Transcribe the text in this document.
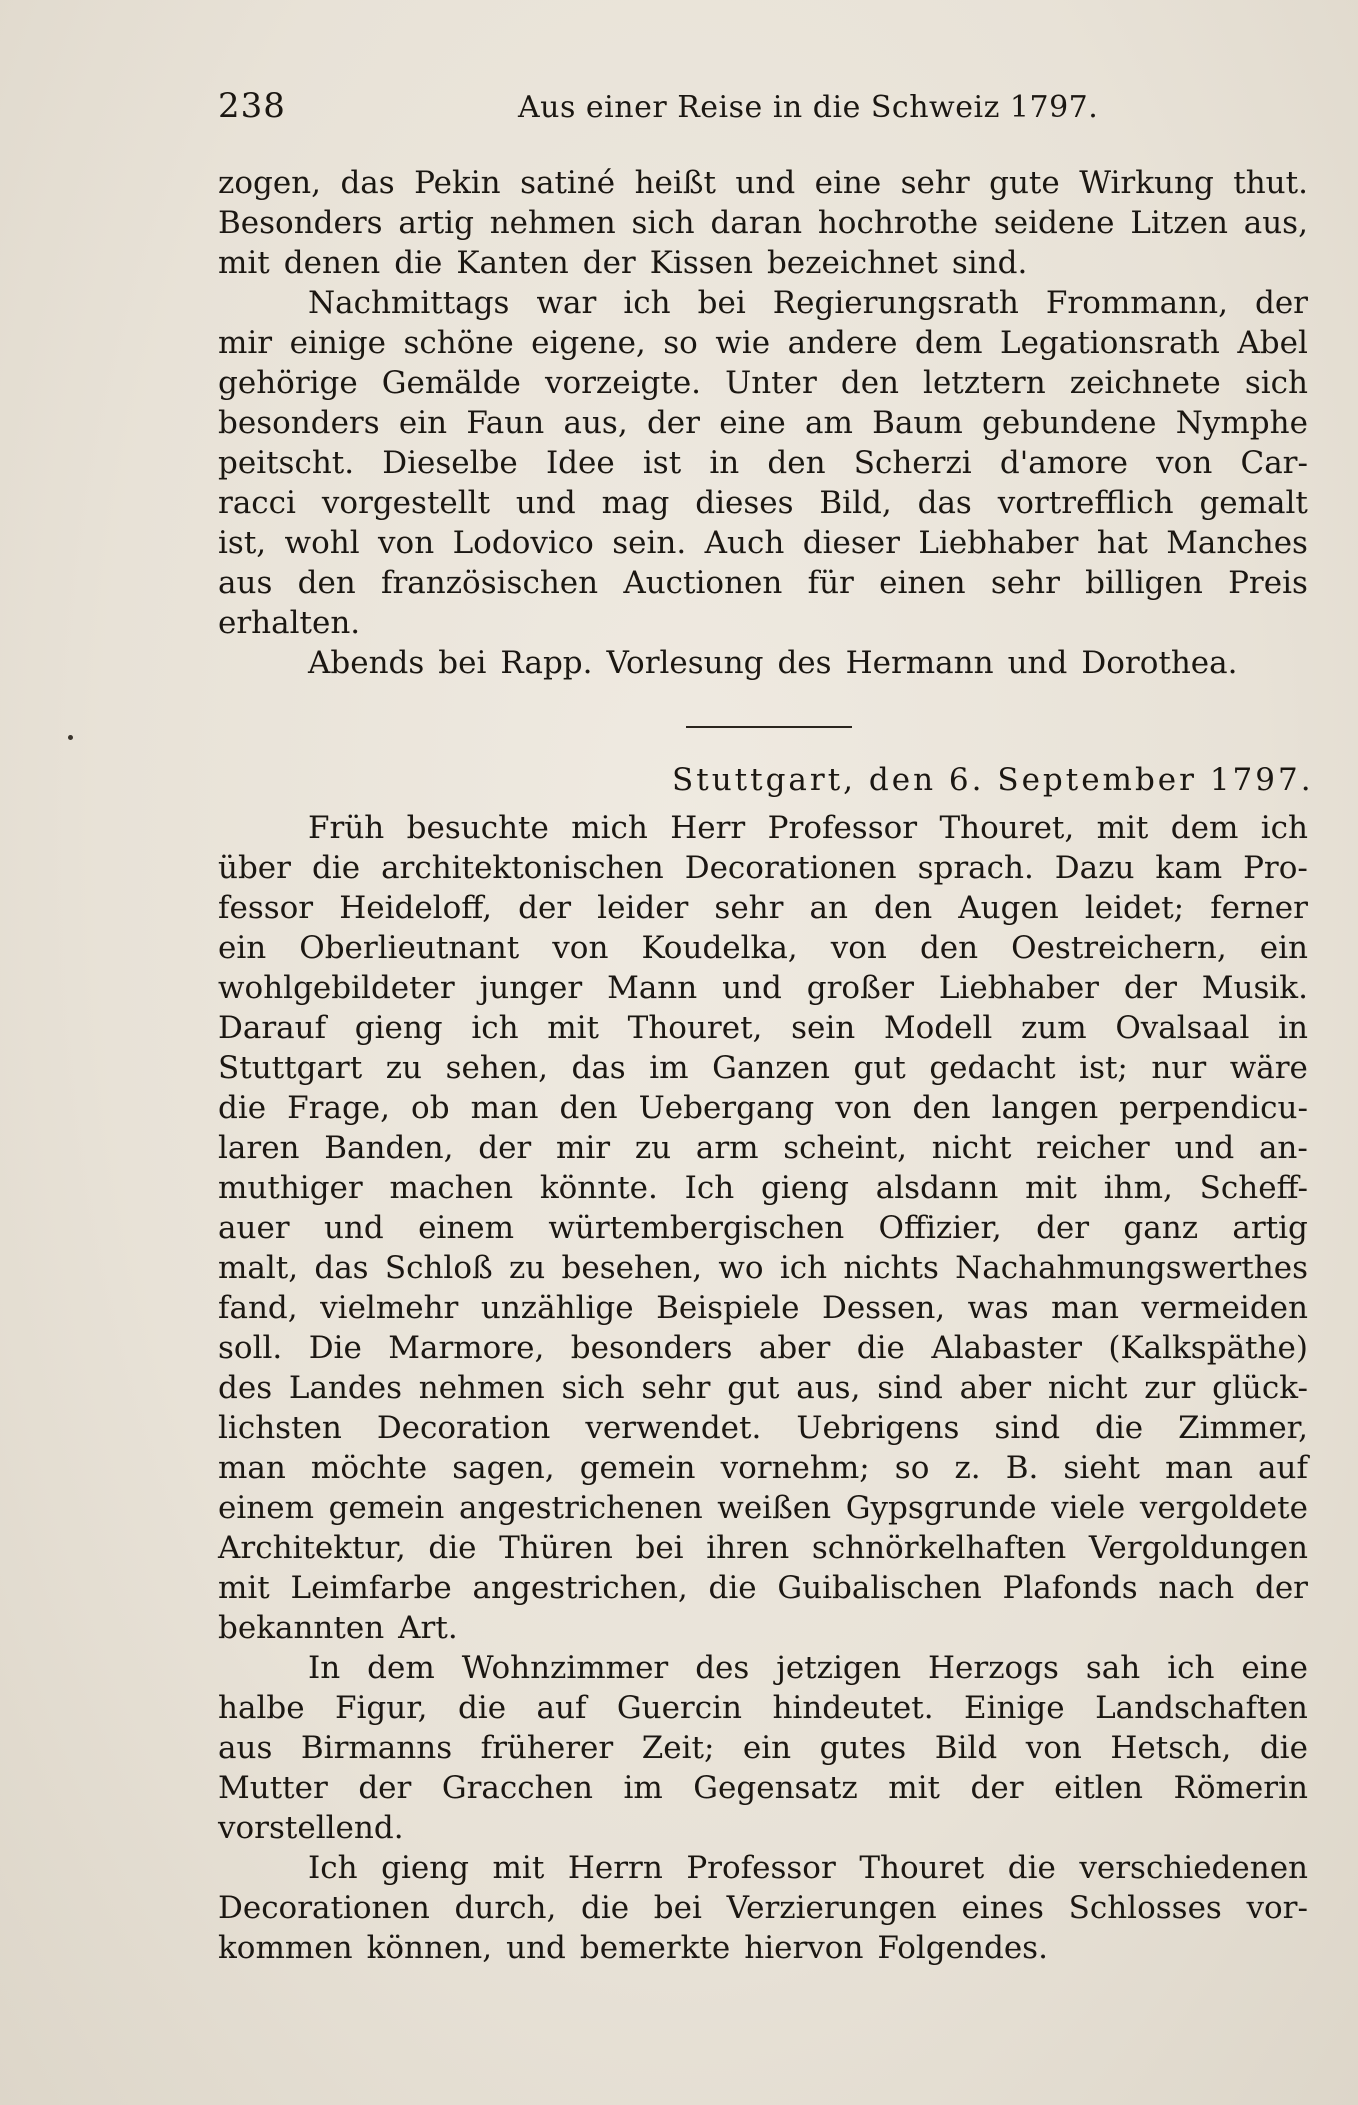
238	Aus einer Reise in die Schweiz 1797.
zogen, das Pekin satiné heißt und eine sehr gute Wirkung thut.
Besonders artig nehmen sich daran hochrothe seidene Litzen aus,
mit denen die Kanten der Kissen bezeichnet sind.
Nachmittags war ich bei Regierungsrath Frommann, der
mir einige schöne eigene, so wie andere dem Legationsrath Abel
gehörige Gemälde vorzeigte. Unter den letztern zeichnete sich
besonders ein Faun aus, der eine am Baum gebundene Nymphe
peitscht. Dieselbe Idee ist in den Scherzi d'amore von Car-
racci vorgestellt und mag dieses Bild, das vortrefflich gemalt
ist, wohl von Lodovico sein. Auch dieser Liebhaber hat Manches
aus den französischen Auctionen für einen sehr billigen Preis
erhalten.
Abends bei Rapp. Vorlesung des Hermann und Dorothea.
Stuttgart, den 6. September 1797.
Früh besuchte mich Herr Professor Thouret, mit dem ich
über die architektonischen Decorationen sprach. Dazu kam Pro-
fessor Heideloff, der leider sehr an den Augen leidet; ferner
ein Oberlieutnant von Koudelka, von den Oestreichern, ein
wohlgebildeter junger Mann und großer Liebhaber der Musik.
Darauf gieng ich mit Thouret, sein Modell zum Ovalsaal in
Stuttgart zu sehen, das im Ganzen gut gedacht ist; nur wäre
die Frage, ob man den Uebergang von den langen perpendicu-
laren Banden, der mir zu arm scheint, nicht reicher und an-
muthiger machen könnte. Ich gieng alsdann mit ihm, Scheff-
auer und einem würtembergischen Offizier, der ganz artig
malt, das Schloß zu besehen, wo ich nichts Nachahmungswerthes
fand, vielmehr unzählige Beispiele Dessen, was man vermeiden
soll. Die Marmore, besonders aber die Alabaster (Kalkspäthe)
des Landes nehmen sich sehr gut aus, sind aber nicht zur glück-
lichsten Decoration verwendet. Uebrigens sind die Zimmer,
man möchte sagen, gemein vornehm; so z. B. sieht man auf
einem gemein angestrichenen weißen Gypsgrunde viele vergoldete
Architektur, die Thüren bei ihren schnörkelhaften Vergoldungen
mit Leimfarbe angestrichen, die Guibalischen Plafonds nach der
bekannten Art.
In dem Wohnzimmer des jetzigen Herzogs sah ich eine
halbe Figur, die auf Guercin hindeutet. Einige Landschaften
aus Birmanns früherer Zeit; ein gutes Bild von Hetsch, die
Mutter der Gracchen im Gegensatz mit der eitlen Römerin
vorstellend.
Ich gieng mit Herrn Professor Thouret die verschiedenen
Decorationen durch, die bei Verzierungen eines Schlosses vor-
kommen können, und bemerkte hiervon Folgendes.
